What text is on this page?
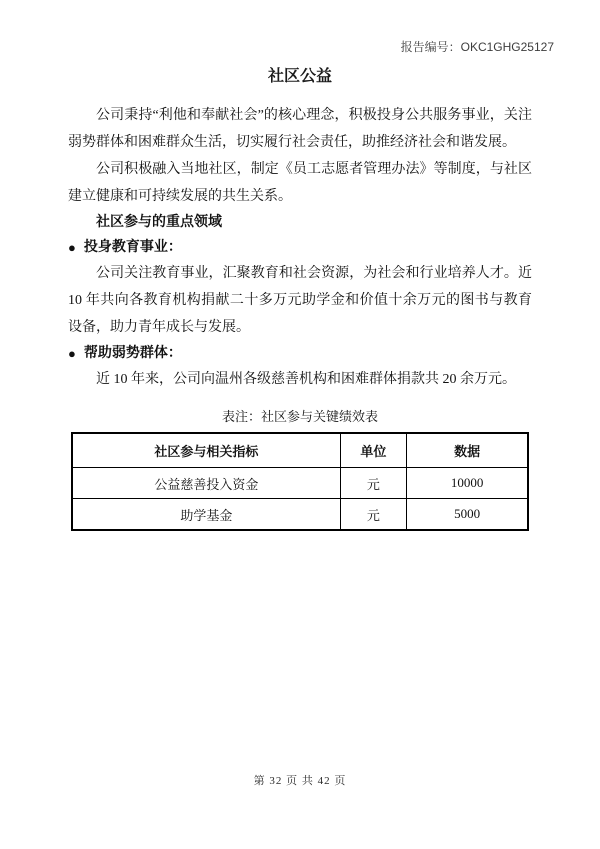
报告编号：OKC1GHG25127
社区公益

公司秉持“利他和奉献社会”的核心理念，积极投身公共服务事业，关注弱势群体和困难群众生活，切实履行社会责任，助推经济社会和谐发展。

公司积极融入当地社区，制定《员工志愿者管理办法》等制度，与社区建立健康和可持续发展的共生关系。

社区参与的重点领域
● 投身教育事业：

公司关注教育事业，汇聚教育和社会资源，为社会和行业培养人才。近 10 年共向各教育机构捐献二十多万元助学金和价值十余万元的图书与教育设备，助力青年成长与发展。

● 帮助弱势群体：

近 10 年来，公司向温州各级慈善机构和困难群体捐款共 20 余万元。

表注：社区参与关键绩效表
社区参与相关指标	单位	数据
公益慈善投入资金	元	10000
助学基金	元	5000
第 32 页 共 42 页
